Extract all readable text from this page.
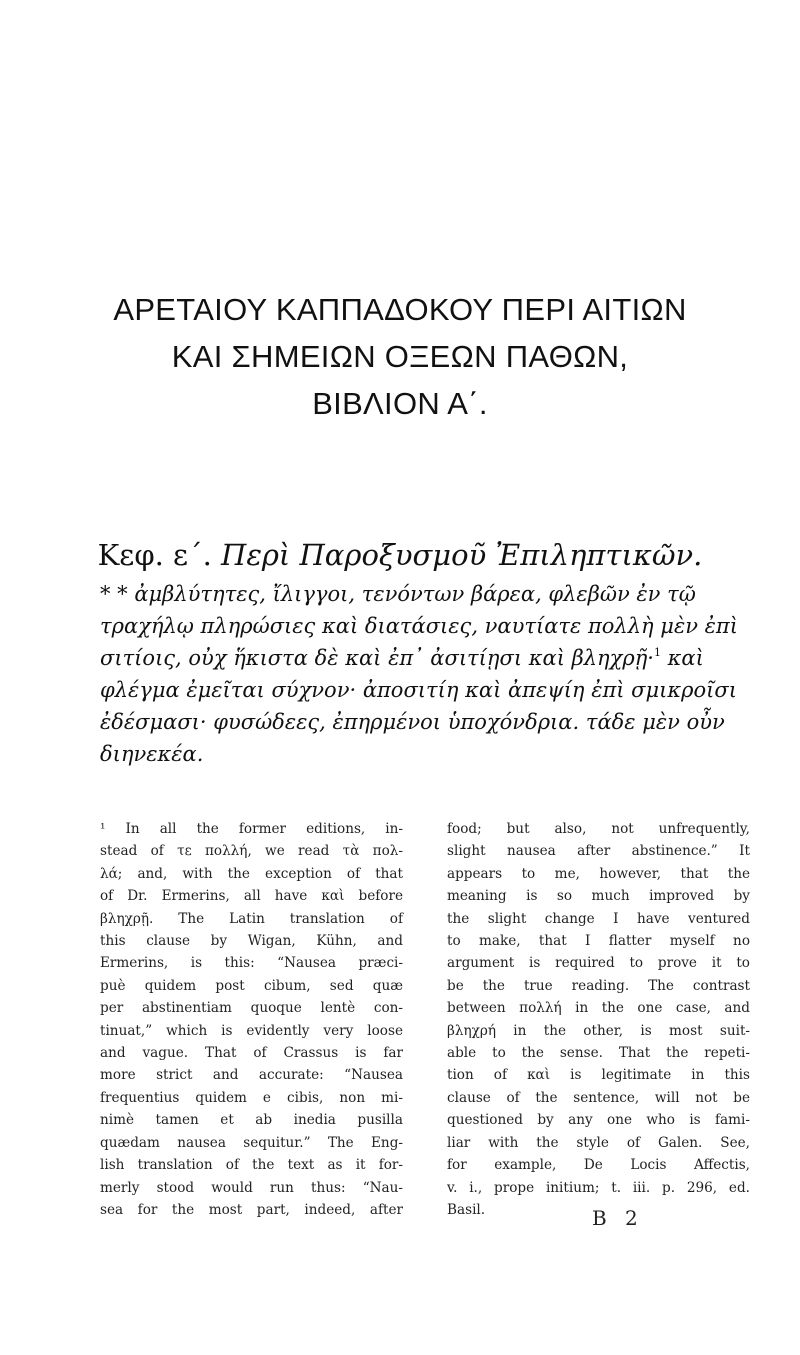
ΑΡΕΤΑΙΟΥ ΚΑΠΠΑΔΟΚΟΥ ΠΕΡΙ ΑΙΤΙΩΝ
ΚΑΙ ΣΗΜΕΙΩΝ ΟΞΕΩΝ ΠΑΘΩΝ,
ΒΙΒΛΙΟΝ Α΄.
Κεφ. ε΄. Περὶ Παροξυσμοῦ Ἐπιληπτικῶν.
* * ἀμβλύτητες, ἴλιγγοι, τενόντων βάρεα, φλεβῶν ἐν τῷ
τραχήλῳ πληρώσιες καὶ διατάσιες, ναυτίατε πολλὴ μὲν ἐπὶ
σιτίοις, οὐχ ἥκιστα δὲ καὶ ἐπ᾽ ἀσιτίῃσι καὶ βληχρῇ·$^1$ καὶ
φλέγμα ἐμεῖται σύχνον· ἀποσιτίη καὶ ἀπεψίη ἐπὶ σμικροῖσι
ἐδέσμασι· φυσώδεες, ἐπηρμένοι ὑποχόνδρια. τάδε μὲν οὖν
διηνεκέα.
¹ In all the former editions, in-
stead of τε πολλή, we read τὰ πολ-
λά; and, with the exception of that
of Dr. Ermerins, all have καὶ before
βληχρῇ. The Latin translation of
this clause by Wigan, Kühn, and
Ermerins, is this: “Nausea præci-
puè quidem post cibum, sed quæ
per abstinentiam quoque lentè con-
tinuat,” which is evidently very loose
and vague. That of Crassus is far
more strict and accurate: “Nausea
frequentius quidem e cibis, non mi-
nimè tamen et ab inedia pusilla
quædam nausea sequitur.” The Eng-
lish translation of the text as it for-
merly stood would run thus: “Nau-
sea for the most part, indeed, after
food; but also, not unfrequently,
slight nausea after abstinence.” It
appears to me, however, that the
meaning is so much improved by
the slight change I have ventured
to make, that I flatter myself no
argument is required to prove it to
be the true reading. The contrast
between πολλή in the one case, and
βληχρή in the other, is most suit-
able to the sense. That the repeti-
tion of καὶ is legitimate in this
clause of the sentence, will not be
questioned by any one who is fami-
liar with the style of Galen. See,
for example, De Locis Affectis,
v. i., prope initium; t. iii. p. 296, ed.
Basil.	B 2
